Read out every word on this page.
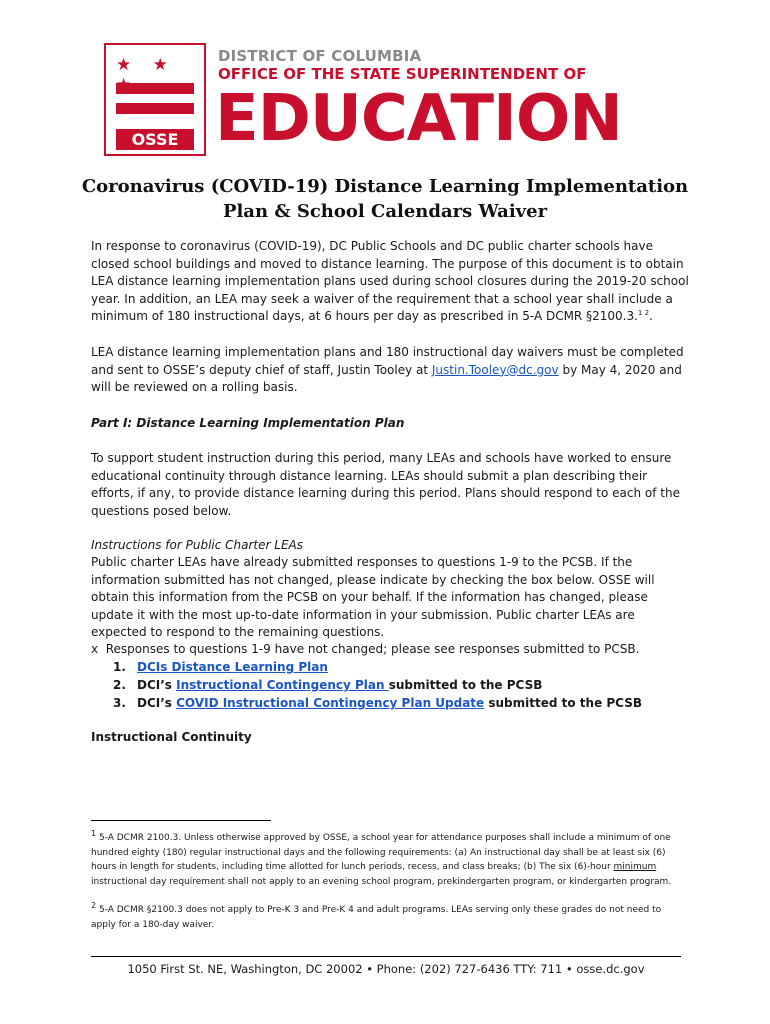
★ ★
OSSE
DISTRICT OF COLUMBIA
OFFICE OF THE STATE SUPERINTENDENT OF
EDUCATION
Coronavirus (COVID-19) Distance Learning Implementation
Plan & School Calendars Waiver
In response to coronavirus (COVID-19), DC Public Schools and DC public charter schools have closed school buildings and moved to distance learning. The purpose of this document is to obtain LEA distance learning implementation plans used during school closures during the 2019-20 school year. In addition, an LEA may seek a waiver of the requirement that a school year shall include a minimum of 180 instructional days, at 6 hours per day as prescribed in 5-A DCMR §2100.3.$^{1 2}$.
LEA distance learning implementation plans and 180 instructional day waivers must be completed and sent to OSSE’s deputy chief of staff, Justin Tooley at Justin.Tooley@dc.gov by May 4, 2020 and will be reviewed on a rolling basis.
Part I: Distance Learning Implementation Plan
To support student instruction during this period, many LEAs and schools have worked to ensure educational continuity through distance learning. LEAs should submit a plan describing their efforts, if any, to provide distance learning during this period. Plans should respond to each of the questions posed below.
Instructions for Public Charter LEAs
Public charter LEAs have already submitted responses to questions 1-9 to the PCSB. If the information submitted has not changed, please indicate by checking the box below. OSSE will obtain this information from the PCSB on your behalf. If the information has changed, please update it with the most up-to-date information in your submission. Public charter LEAs are expected to respond to the remaining questions.
x Responses to questions 1-9 have not changed; please see responses submitted to PCSB.
1. DCIs Distance Learning Plan
2. DCI’s Instructional Contingency Plan submitted to the PCSB
3. DCI’s COVID Instructional Contingency Plan Update submitted to the PCSB
Instructional Continuity
$^1$ 5-A DCMR 2100.3. Unless otherwise approved by OSSE, a school year for attendance purposes shall include a minimum of one hundred eighty (180) regular instructional days and the following requirements: (a) An instructional day shall be at least six (6) hours in length for students, including time allotted for lunch periods, recess, and class breaks; (b) The six (6)-hour minimum instructional day requirement shall not apply to an evening school program, prekindergarten program, or kindergarten program.
$^2$ 5-A DCMR §2100.3 does not apply to Pre-K 3 and Pre-K 4 and adult programs. LEAs serving only these grades do not need to apply for a 180-day waiver.
1050 First St. NE, Washington, DC 20002 • Phone: (202) 727-6436 TTY: 711 • osse.dc.gov
